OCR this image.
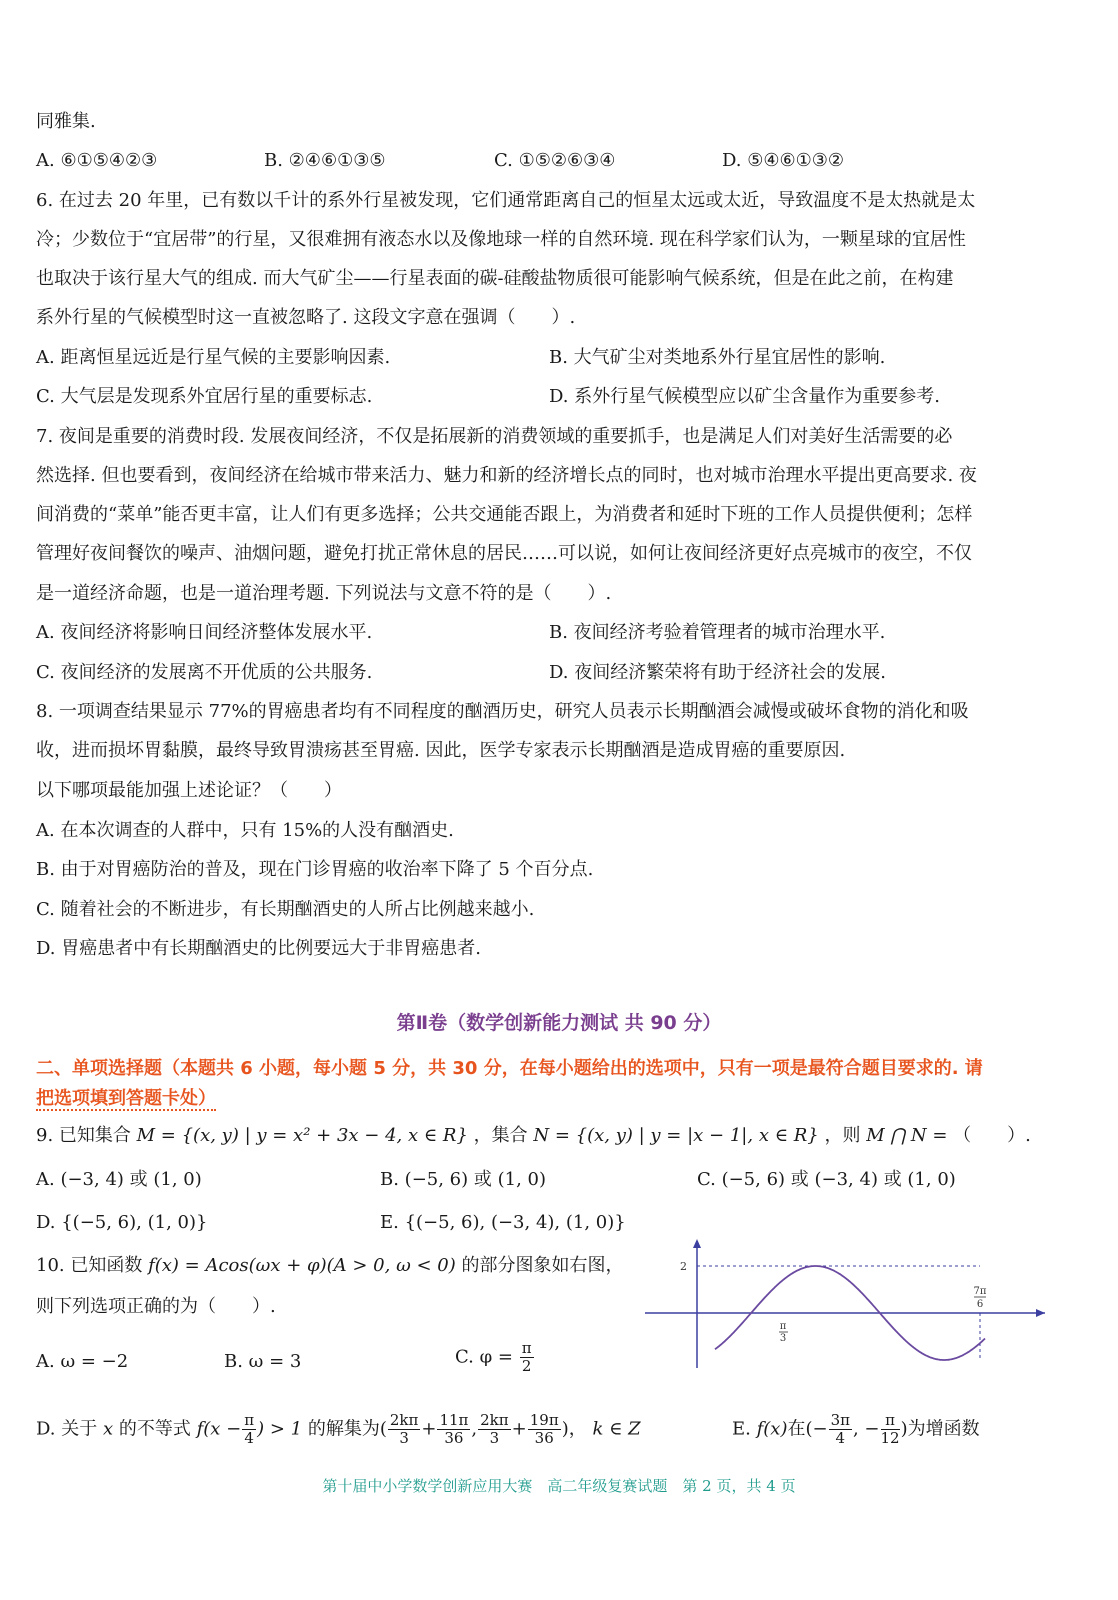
同雅集.
A. ⑥①⑤④②③	B. ②④⑥①③⑤	C. ①⑤②⑥③④	D. ⑤④⑥①③②
6. 在过去 20 年里，已有数以千计的系外行星被发现，它们通常距离自己的恒星太远或太近，导致温度不是太热就是太
冷；少数位于“宜居带”的行星，又很难拥有液态水以及像地球一样的自然环境. 现在科学家们认为，一颗星球的宜居性
也取决于该行星大气的组成. 而大气矿尘——行星表面的碳-硅酸盐物质很可能影响气候系统，但是在此之前，在构建
系外行星的气候模型时这一直被忽略了. 这段文字意在强调（　　）.
A. 距离恒星远近是行星气候的主要影响因素.	B. 大气矿尘对类地系外行星宜居性的影响.
C. 大气层是发现系外宜居行星的重要标志.	D. 系外行星气候模型应以矿尘含量作为重要参考.
7. 夜间是重要的消费时段. 发展夜间经济，不仅是拓展新的消费领域的重要抓手，也是满足人们对美好生活需要的必
然选择. 但也要看到，夜间经济在给城市带来活力、魅力和新的经济增长点的同时，也对城市治理水平提出更高要求. 夜
间消费的“菜单”能否更丰富，让人们有更多选择；公共交通能否跟上，为消费者和延时下班的工作人员提供便利；怎样
管理好夜间餐饮的噪声、油烟问题，避免打扰正常休息的居民……可以说，如何让夜间经济更好点亮城市的夜空，不仅
是一道经济命题，也是一道治理考题. 下列说法与文意不符的是（　　）.
A. 夜间经济将影响日间经济整体发展水平.	B. 夜间经济考验着管理者的城市治理水平.
C. 夜间经济的发展离不开优质的公共服务.	D. 夜间经济繁荣将有助于经济社会的发展.
8. 一项调查结果显示 77%的胃癌患者均有不同程度的酗酒历史，研究人员表示长期酗酒会减慢或破坏食物的消化和吸
收，进而损坏胃黏膜，最终导致胃溃疡甚至胃癌. 因此，医学专家表示长期酗酒是造成胃癌的重要原因.
以下哪项最能加强上述论证？（　　）
A. 在本次调查的人群中，只有 15%的人没有酗酒史.
B. 由于对胃癌防治的普及，现在门诊胃癌的收治率下降了 5 个百分点.
C. 随着社会的不断进步，有长期酗酒史的人所占比例越来越小.
D. 胃癌患者中有长期酗酒史的比例要远大于非胃癌患者.
第Ⅱ卷（数学创新能力测试 共 90 分）
二、单项选择题（本题共 6 小题，每小题 5 分，共 30 分，在每小题给出的选项中，只有一项是最符合题目要求的. 请
把选项填到答题卡处）
9. 已知集合 M = {(x, y) | y = x² + 3x − 4, x ∈ R} ，集合 N = {(x, y) | y = |x − 1|, x ∈ R} ，则 M ⋂ N = （　　）.
A. (−3, 4) 或 (1, 0)	B. (−5, 6) 或 (1, 0)	C. (−5, 6) 或 (−3, 4) 或 (1, 0)
D. {(−5, 6), (1, 0)}	E. {(−5, 6), (−3, 4), (1, 0)}
10. 已知函数 f(x) = Acos(ωx + φ)(A > 0, ω < 0) 的部分图象如右图，
则下列选项正确的为（　　）.
A. ω = −2	B. ω = 3	C. $\varphi = \frac{\pi}{2}$
D. 关于 x 的不等式 $f(x - \frac{\pi}{4}$ ) > 1 的解集为( $\frac{2k\pi}{3} + \frac{11\pi}{36}$ , $\frac{2k\pi}{3} + \frac{19\pi}{36}$ )， k ∈ Z	E. f(x)在(− $\frac{3\pi}{4}$ , − $\frac{\pi}{12}$ )为增函数
2
π
3
7π
6
第十届中小学数学创新应用大赛　高二年级复赛试题　第 2 页，共 4 页
